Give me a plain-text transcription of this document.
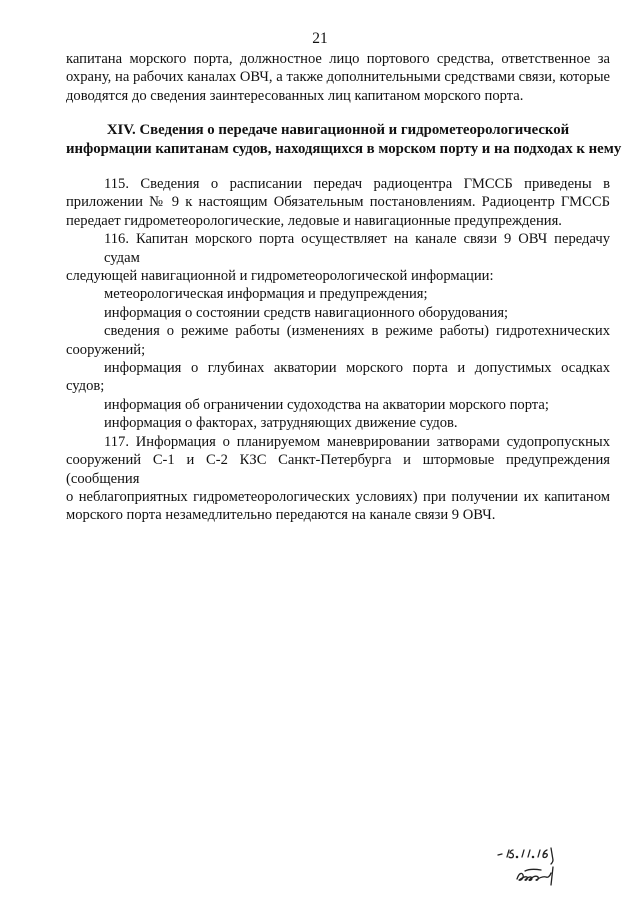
21
капитана морского порта, должностное лицо портового средства, ответственное за
охрану, на рабочих каналах ОВЧ, а также дополнительными средствами связи, которые
доводятся до сведения заинтересованных лиц капитаном морского порта.
XIV. Сведения о передаче навигационной и гидрометеорологической
информации капитанам судов, находящихся в морском порту и на подходах к нему
115. Сведения о расписании передач радиоцентра ГМССБ приведены в
приложении № 9 к настоящим Обязательным постановлениям. Радиоцентр ГМССБ
передает гидрометеорологические, ледовые и навигационные предупреждения.
116. Капитан морского порта осуществляет на канале связи 9 ОВЧ передачу судам
следующей навигационной и гидрометеорологической информации:
метеорологическая информация и предупреждения;
информация о состоянии средств навигационного оборудования;
сведения о режиме работы (изменениях в режиме работы) гидротехнических
сооружений;
информация о глубинах акватории морского порта и допустимых осадках
судов;
информация об ограничении судоходства на акватории морского порта;
информация о факторах, затрудняющих движение судов.
117. Информация о планируемом маневрировании затворами судопропускных
сооружений С-1 и С-2 КЗС Санкт-Петербурга и штормовые предупреждения (сообщения
о неблагоприятных гидрометеорологических условиях) при получении их капитаном
морского порта незамедлительно передаются на канале связи 9 ОВЧ.
